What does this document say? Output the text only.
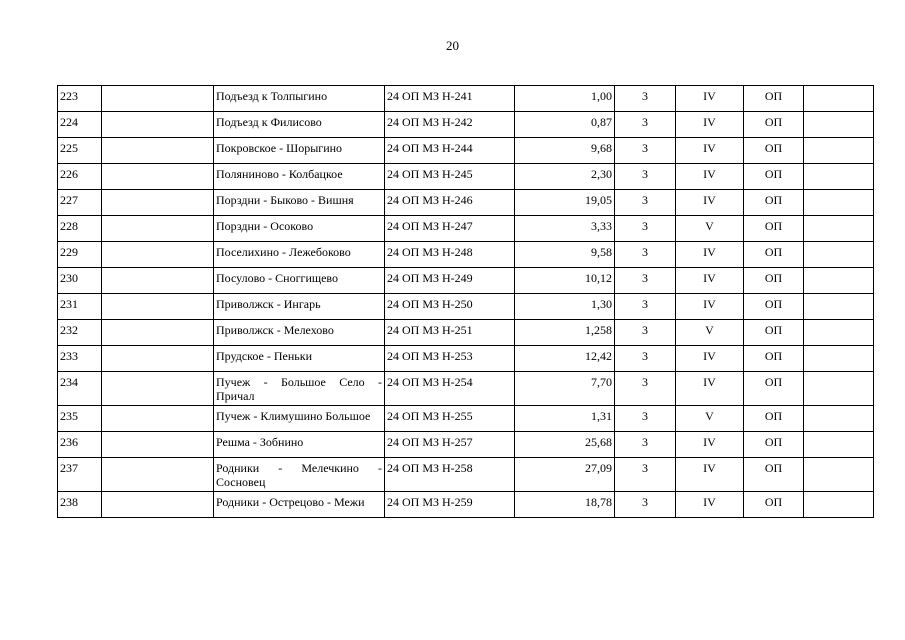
20
223		Подъезд к Толпыгино	24 ОП МЗ Н-241	1,00	3	IV	ОП	
224		Подъезд к Филисово	24 ОП МЗ Н-242	0,87	3	IV	ОП	
225		Покровское - Шорыгино	24 ОП МЗ Н-244	9,68	3	IV	ОП	
226		Поляниново - Колбацкое	24 ОП МЗ Н-245	2,30	3	IV	ОП	
227		Порздни - Быково - Вишня	24 ОП МЗ Н-246	19,05	3	IV	ОП	
228		Порздни - Осоково	24 ОП МЗ Н-247	3,33	3	V	ОП	
229		Поселихино - Лежебоково	24 ОП МЗ Н-248	9,58	3	IV	ОП	
230		Посулово - Сноггищево	24 ОП МЗ Н-249	10,12	3	IV	ОП	
231		Приволжск - Ингарь	24 ОП МЗ Н-250	1,30	3	IV	ОП	
232		Приволжск - Мелехово	24 ОП МЗ Н-251	1,258	3	V	ОП	
233		Прудское - Пеньки	24 ОП МЗ Н-253	12,42	3	IV	ОП	
234		Пучеж - Большое Село - Причал	24 ОП МЗ Н-254	7,70	3	IV	ОП	
235		Пучеж - Климушино Большое	24 ОП МЗ Н-255	1,31	3	V	ОП	
236		Решма - Зобнино	24 ОП МЗ Н-257	25,68	3	IV	ОП	
237		Родники - Мелечкино - Сосновец	24 ОП МЗ Н-258	27,09	3	IV	ОП	
238		Родники - Острецово - Межи	24 ОП МЗ Н-259	18,78	3	IV	ОП	
